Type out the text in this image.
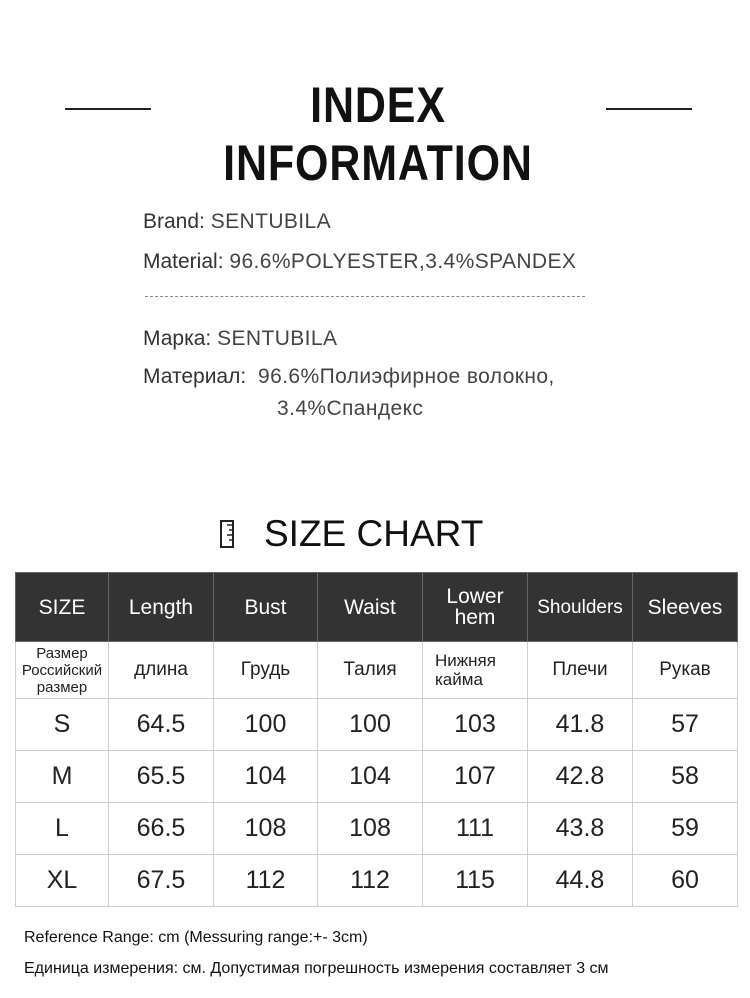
INDEX INFORMATION
Brand: SENTUBILA
Material: 96.6%POLYESTER,3.4%SPANDEX
Марка: SENTUBILA
Материал: 96.6%Полиэфирное волокно,
3.4%Спандекс
SIZE CHART
SIZE	Length	Bust	Waist	Lower hem	Shoulders	Sleeves
Размер Российский размер	длина	Грудь	Талия	Нижняя кайма	Плечи	Рукав
S	64.5	100	100	103	41.8	57
M	65.5	104	104	107	42.8	58
L	66.5	108	108	111	43.8	59
XL	67.5	112	112	115	44.8	60
Reference Range: cm (Messuring range:+- 3cm)
Единица измерения: см. Допустимая погрешность измерения составляет 3 см
